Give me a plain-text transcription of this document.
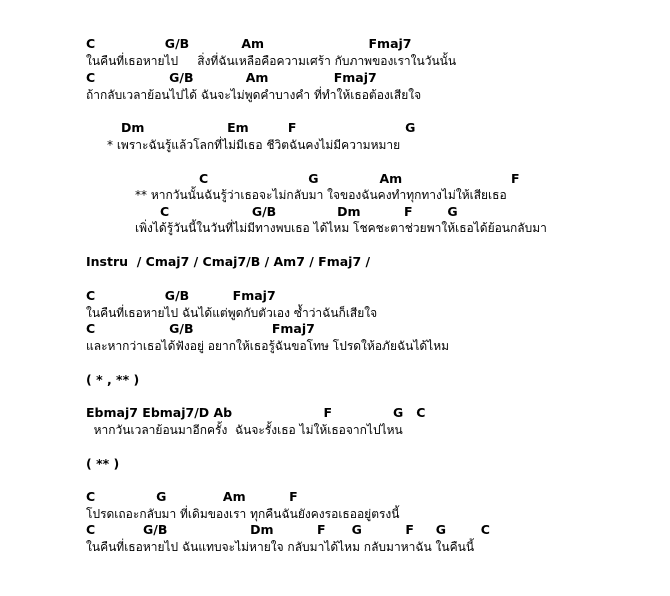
C                G/B            Am                        Fmaj7
ในคืนที่เธอหายไป     สิ่งที่ฉันเหลือคือความเศร้า กับภาพของเราในวันนั้น
C                 G/B            Am               Fmaj7
ถ้ากลับเวลาย้อนไปได้ ฉันจะไม่พูดคำบางคำ ที่ทำให้เธอต้องเสียใจ
Dm                   Em         F                         G
* เพราะฉันรู้แล้วโลกที่ไม่มีเธอ ชีวิตฉันคงไม่มีความหมาย
C                       G              Am                         F
** หากวันนั้นฉันรู้ว่าเธอจะไม่กลับมา ใจของฉันคงทำทุกทางไม่ให้เสียเธอ
C                   G/B              Dm          F        G
เพิ่งได้รู้วันนี้ในวันที่ไม่มีทางพบเธอ ได้ไหม โชคชะตาช่วยพาให้เธอได้ย้อนกลับมา
Instru  / Cmaj7 / Cmaj7/B / Am7 / Fmaj7 /
C                G/B          Fmaj7
ในคืนที่เธอหายไป ฉันได้แต่พูดกับตัวเอง ซ้ำว่าฉันก็เสียใจ
C                 G/B                  Fmaj7
และหากว่าเธอได้ฟังอยู่ อยากให้เธอรู้ฉันขอโทษ โปรดให้อภัยฉันได้ไหม
( * , ** )
Ebmaj7 Ebmaj7/D Ab                     F              G   C
หากวันเวลาย้อนมาอีกครั้ง  ฉันจะรั้งเธอ ไม่ให้เธอจากไปไหน
( ** )
C              G             Am          F
โปรดเถอะกลับมา ที่เดิมของเรา ทุกคืนฉันยังคงรอเธออยู่ตรงนี้
C           G/B                   Dm          F      G          F     G        C
ในคืนที่เธอหายไป ฉันแทบจะไม่หายใจ กลับมาได้ไหม กลับมาหาฉัน ในคืนนี้
